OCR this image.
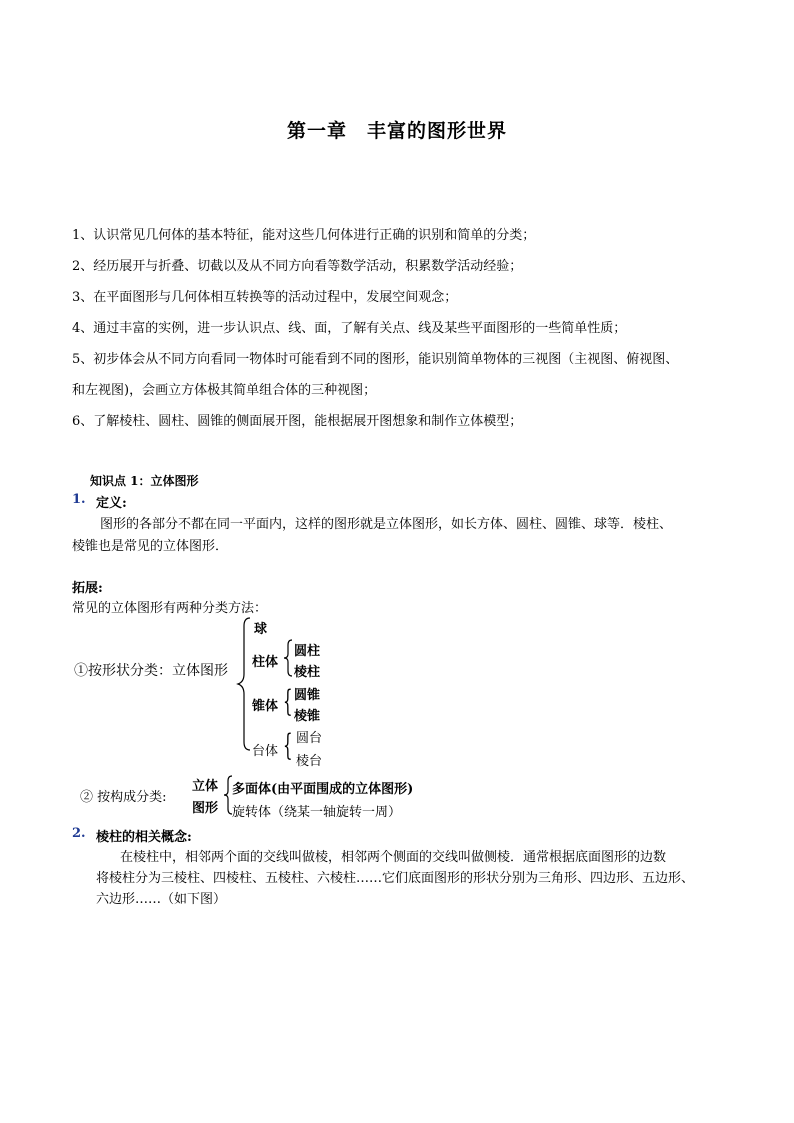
第一章　丰富的图形世界
1、认识常见几何体的基本特征，能对这些几何体进行正确的识别和简单的分类；
2、经历展开与折叠、切截以及从不同方向看等数学活动，积累数学活动经验；
3、在平面图形与几何体相互转换等的活动过程中，发展空间观念；
4、通过丰富的实例，进一步认识点、线、面，了解有关点、线及某些平面图形的一些简单性质；
5、初步体会从不同方向看同一物体时可能看到不同的图形，能识别简单物体的三视图（主视图、俯视图、
和左视图)，会画立方体极其简单组合体的三种视图；
6、了解棱柱、圆柱、圆锥的侧面展开图，能根据展开图想象和制作立体模型；
知识点 1：立体图形
1. 定义:
图形的各部分不都在同一平面内，这样的图形就是立体图形，如长方体、圆柱、圆锥、球等．棱柱、
棱锥也是常见的立体图形．
拓展:
常见的立体图形有两种分类方法：
①按形状分类：立体图形
球
柱体
圆柱
棱柱
锥体 { 圆锥
棱锥
台体 { 圆台
棱台
② 按构成分类:
立体
图形
多面体(由平面围成的立体图形)
旋转体（绕某一轴旋转一周）
2. 棱柱的相关概念:
在棱柱中，相邻两个面的交线叫做棱，相邻两个侧面的交线叫做侧棱．通常根据底面图形的边数
将棱柱分为三棱柱、四棱柱、五棱柱、六棱柱……它们底面图形的形状分别为三角形、四边形、五边形、
六边形……（如下图）
